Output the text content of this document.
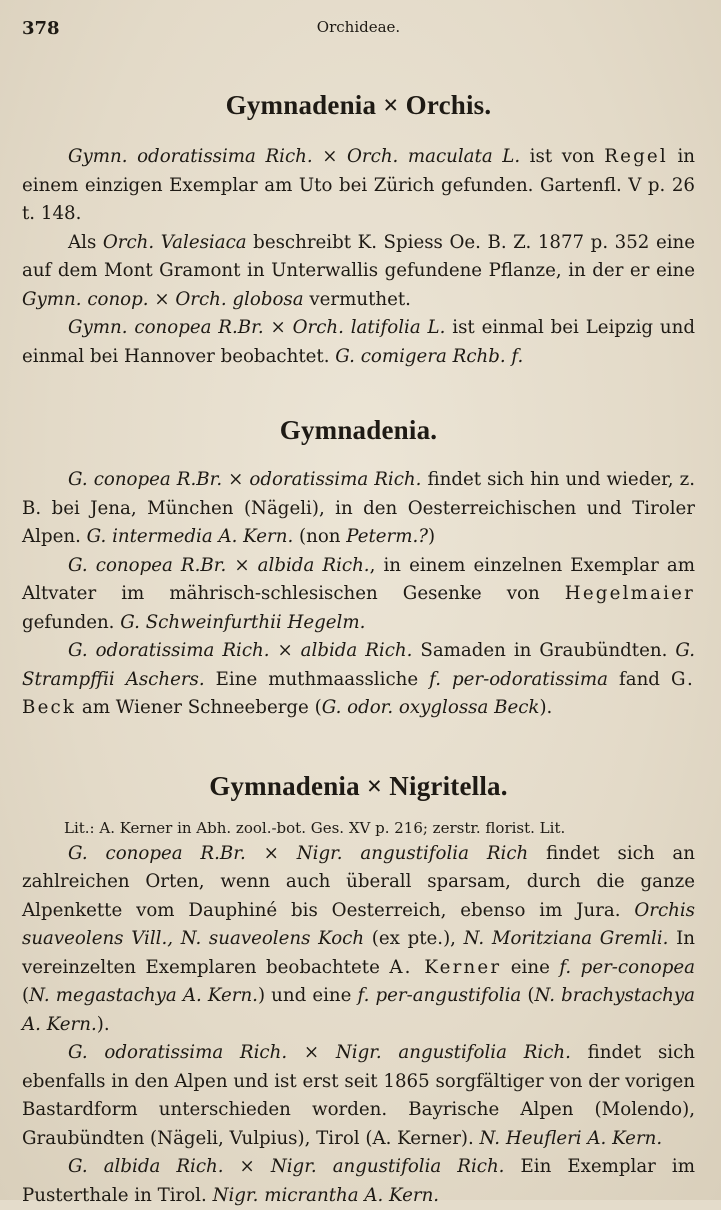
378	Orchideae.
Gymnadenia × Orchis.

Gymn. odoratissima Rich. × Orch. maculata L. ist von Regel in einem einzigen Exemplar am Uto bei Zürich gefunden. Gartenfl. V p. 26 t. 148.

Als Orch. Valesiaca beschreibt K. Spiess Oe. B. Z. 1877 p. 352 eine auf dem Mont Gramont in Unterwallis gefundene Pflanze, in der er eine Gymn. conop. × Orch. globosa vermuthet.

Gymn. conopea R.Br. × Orch. latifolia L. ist einmal bei Leipzig und einmal bei Hannover beobachtet. G. comigera Rchb. f.

Gymnadenia.

G. conopea R.Br. × odoratissima Rich. findet sich hin und wieder, z. B. bei Jena, München (Nägeli), in den Oesterreichischen und Tiroler Alpen. G. intermedia A. Kern. (non Peterm.?)

G. conopea R.Br. × albida Rich., in einem einzelnen Exemplar am Altvater im mährisch-schlesischen Gesenke von Hegelmaier gefunden. G. Schweinfurthii Hegelm.

G. odoratissima Rich. × albida Rich. Samaden in Graubündten. G. Strampffii Aschers. Eine muthmaassliche f. per-odoratissima fand G. Beck am Wiener Schneeberge (G. odor. oxyglossa Beck).

Gymnadenia × Nigritella.

Lit.: A. Kerner in Abh. zool.-bot. Ges. XV p. 216; zerstr. florist. Lit.

G. conopea R.Br. × Nigr. angustifolia Rich findet sich an zahlreichen Orten, wenn auch überall sparsam, durch die ganze Alpenkette vom Dauphiné bis Oesterreich, ebenso im Jura. Orchis suaveolens Vill., N. suaveolens Koch (ex pte.), N. Moritziana Gremli. In vereinzelten Exemplaren beobachtete A. Kerner eine f. per-conopea (N. megastachya A. Kern.) und eine f. per-angustifolia (N. brachystachya A. Kern.).

G. odoratissima Rich. × Nigr. angustifolia Rich. findet sich ebenfalls in den Alpen und ist erst seit 1865 sorgfältiger von der vorigen Bastardform unterschieden worden. Bayrische Alpen (Molendo), Graubündten (Nägeli, Vulpius), Tirol (A. Kerner). N. Heufleri A. Kern.

G. albida Rich. × Nigr. angustifolia Rich. Ein Exemplar im Pusterthale in Tirol. Nigr. micrantha A. Kern.
